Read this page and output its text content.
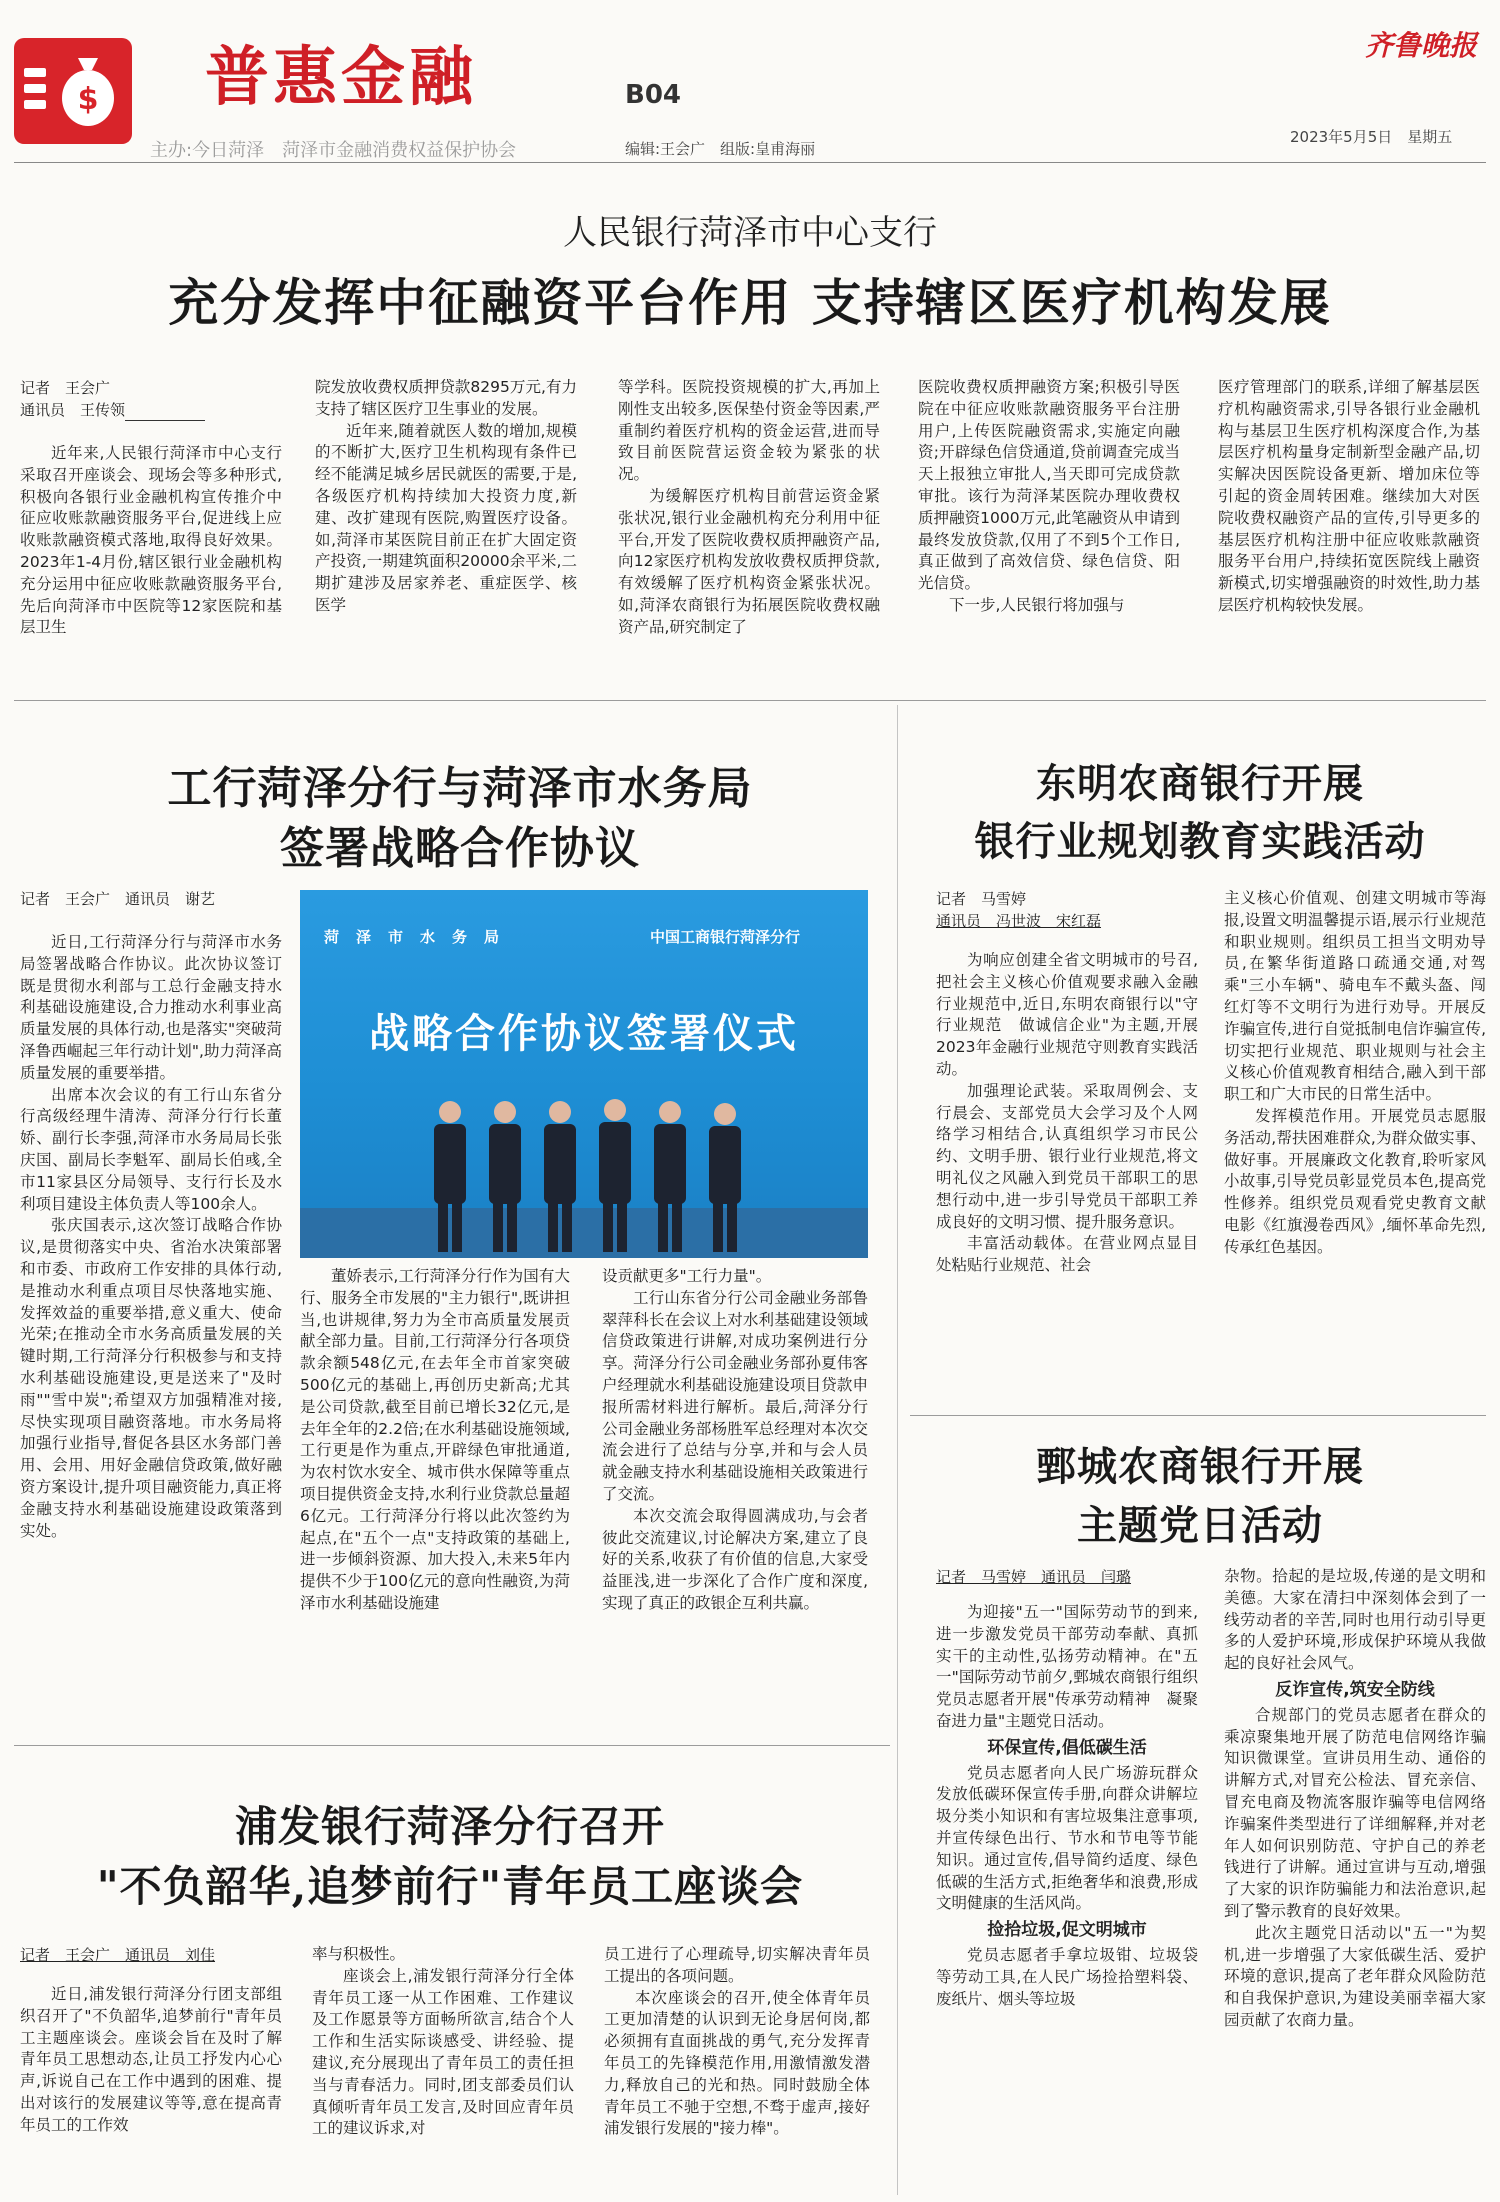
$ 普惠金融	B04
齐鲁晚报
主办:今日菏泽　菏泽市金融消费权益保护协会	编辑:王会广　组版:皇甫海丽
2023年5月5日　星期五
人民银行菏泽市中心支行
充分发挥中征融资平台作用 支持辖区医疗机构发展
记者　王会广
通讯员　王传领

近年来,人民银行菏泽市中心支行采取召开座谈会、现场会等多种形式,积极向各银行业金融机构宣传推介中征应收账款融资服务平台,促进线上应收账款融资模式落地,取得良好效果。2023年1-4月份,辖区银行业金融机构充分运用中征应收账款融资服务平台,先后向菏泽市中医院等12家医院和基层卫生

院发放收费权质押贷款8295万元,有力支持了辖区医疗卫生事业的发展。

近年来,随着就医人数的增加,规模的不断扩大,医疗卫生机构现有条件已经不能满足城乡居民就医的需要,于是,各级医疗机构持续加大投资力度,新建、改扩建现有医院,购置医疗设备。如,菏泽市某医院目前正在扩大固定资产投资,一期建筑面积20000余平米,二期扩建涉及居家养老、重症医学、核医学

等学科。医院投资规模的扩大,再加上刚性支出较多,医保垫付资金等因素,严重制约着医疗机构的资金运营,进而导致目前医院营运资金较为紧张的状况。

为缓解医疗机构目前营运资金紧张状况,银行业金融机构充分利用中征平台,开发了医院收费权质押融资产品,向12家医疗机构发放收费权质押贷款,有效缓解了医疗机构资金紧张状况。如,菏泽农商银行为拓展医院收费权融资产品,研究制定了

医院收费权质押融资方案;积极引导医院在中征应收账款融资服务平台注册用户,上传医院融资需求,实施定向融资;开辟绿色信贷通道,贷前调查完成当天上报独立审批人,当天即可完成贷款审批。该行为菏泽某医院办理收费权质押融资1000万元,此笔融资从申请到最终发放贷款,仅用了不到5个工作日,真正做到了高效信贷、绿色信贷、阳光信贷。

下一步,人民银行将加强与

医疗管理部门的联系,详细了解基层医疗机构融资需求,引导各银行业金融机构与基层卫生医疗机构深度合作,为基层医疗机构量身定制新型金融产品,切实解决因医院设备更新、增加床位等引起的资金周转困难。继续加大对医院收费权融资产品的宣传,引导更多的基层医疗机构注册中征应收账款融资服务平台用户,持续拓宽医院线上融资新模式,切实增强融资的时效性,助力基层医疗机构较快发展。

工行菏泽分行与菏泽市水务局
签署战略合作协议
记者　王会广　通讯员　谢艺
菏　泽　市　水　务　局	中国工商银行菏泽分行
战略合作协议签署仪式

近日,工行菏泽分行与菏泽市水务局签署战略合作协议。此次协议签订既是贯彻水利部与工总行金融支持水利基础设施建设,合力推动水利事业高质量发展的具体行动,也是落实"突破菏泽鲁西崛起三年行动计划",助力菏泽高质量发展的重要举措。

出席本次会议的有工行山东省分行高级经理牛清涛、菏泽分行行长董娇、副行长李强,菏泽市水务局局长张庆国、副局长李魁军、副局长伯彧,全市11家县区分局领导、支行行长及水利项目建设主体负责人等100余人。

张庆国表示,这次签订战略合作协议,是贯彻落实中央、省治水决策部署和市委、市政府工作安排的具体行动,是推动水利重点项目尽快落地实施、发挥效益的重要举措,意义重大、使命光荣;在推动全市水务高质量发展的关键时期,工行菏泽分行积极参与和支持水利基础设施建设,更是送来了"及时雨""雪中炭";希望双方加强精准对接,尽快实现项目融资落地。市水务局将加强行业指导,督促各县区水务部门善用、会用、用好金融信贷政策,做好融资方案设计,提升项目融资能力,真正将金融支持水利基础设施建设政策落到实处。

董娇表示,工行菏泽分行作为国有大行、服务全市发展的"主力银行",既讲担当,也讲规律,努力为全市高质量发展贡献全部力量。目前,工行菏泽分行各项贷款余额548亿元,在去年全市首家突破500亿元的基础上,再创历史新高;尤其是公司贷款,截至目前已增长32亿元,是去年全年的2.2倍;在水利基础设施领域,工行更是作为重点,开辟绿色审批通道,为农村饮水安全、城市供水保障等重点项目提供资金支持,水利行业贷款总量超6亿元。工行菏泽分行将以此次签约为起点,在"五个一点"支持政策的基础上,进一步倾斜资源、加大投入,未来5年内提供不少于100亿元的意向性融资,为菏泽市水利基础设施建

设贡献更多"工行力量"。

工行山东省分行公司金融业务部鲁翠萍科长在会议上对水利基础建设领域信贷政策进行讲解,对成功案例进行分享。菏泽分行公司金融业务部孙夏伟客户经理就水利基础设施建设项目贷款申报所需材料进行解析。最后,菏泽分行公司金融业务部杨胜军总经理对本次交流会进行了总结与分享,并和与会人员就金融支持水利基础设施相关政策进行了交流。

本次交流会取得圆满成功,与会者彼此交流建议,讨论解决方案,建立了良好的关系,收获了有价值的信息,大家受益匪浅,进一步深化了合作广度和深度,实现了真正的政银企互利共赢。

东明农商银行开展
银行业规划教育实践活动
记者　马雪婷
通讯员　冯世波　宋红磊

为响应创建全省文明城市的号召,把社会主义核心价值观要求融入金融行业规范中,近日,东明农商银行以"守行业规范　做诚信企业"为主题,开展2023年金融行业规范守则教育实践活动。

加强理论武装。采取周例会、支行晨会、支部党员大会学习及个人网络学习相结合,认真组织学习市民公约、文明手册、银行业行业规范,将文明礼仪之风融入到党员干部职工的思想行动中,进一步引导党员干部职工养成良好的文明习惯、提升服务意识。

丰富活动载体。在营业网点显目处粘贴行业规范、社会

主义核心价值观、创建文明城市等海报,设置文明温馨提示语,展示行业规范和职业规则。组织员工担当文明劝导员,在繁华街道路口疏通交通,对驾乘"三小车辆"、骑电车不戴头盔、闯红灯等不文明行为进行劝导。开展反诈骗宣传,进行自觉抵制电信诈骗宣传,切实把行业规范、职业规则与社会主义核心价值观教育相结合,融入到干部职工和广大市民的日常生活中。

发挥模范作用。开展党员志愿服务活动,帮扶困难群众,为群众做实事、做好事。开展廉政文化教育,聆听家风小故事,引导党员彰显党员本色,提高党性修养。组织党员观看党史教育文献电影《红旗漫卷西风》,缅怀革命先烈,传承红色基因。

鄄城农商银行开展
主题党日活动
记者　马雪婷　通讯员　闫璐

为迎接"五一"国际劳动节的到来,进一步激发党员干部劳动奉献、真抓实干的主动性,弘扬劳动精神。在"五一"国际劳动节前夕,鄄城农商银行组织党员志愿者开展"传承劳动精神　凝聚奋进力量"主题党日活动。

环保宣传,倡低碳生活

党员志愿者向人民广场游玩群众发放低碳环保宣传手册,向群众讲解垃圾分类小知识和有害垃圾集注意事项,并宣传绿色出行、节水和节电等节能知识。通过宣传,倡导简约适度、绿色低碳的生活方式,拒绝奢华和浪费,形成文明健康的生活风尚。

捡拾垃圾,促文明城市

党员志愿者手拿垃圾钳、垃圾袋等劳动工具,在人民广场捡拾塑料袋、废纸片、烟头等垃圾

杂物。拾起的是垃圾,传递的是文明和美德。大家在清扫中深刻体会到了一线劳动者的辛苦,同时也用行动引导更多的人爱护环境,形成保护环境从我做起的良好社会风气。

反诈宣传,筑安全防线

合规部门的党员志愿者在群众的乘凉聚集地开展了防范电信网络诈骗知识微课堂。宣讲员用生动、通俗的讲解方式,对冒充公检法、冒充亲信、冒充电商及物流客服诈骗等电信网络诈骗案件类型进行了详细解释,并对老年人如何识别防范、守护自己的养老钱进行了讲解。通过宣讲与互动,增强了大家的识诈防骗能力和法治意识,起到了警示教育的良好效果。

此次主题党日活动以"五一"为契机,进一步增强了大家低碳生活、爱护环境的意识,提高了老年群众风险防范和自我保护意识,为建设美丽幸福大家园贡献了农商力量。

浦发银行菏泽分行召开
"不负韶华,追梦前行"青年员工座谈会
记者　王会广　通讯员　刘佳

近日,浦发银行菏泽分行团支部组织召开了"不负韶华,追梦前行"青年员工主题座谈会。座谈会旨在及时了解青年员工思想动态,让员工抒发内心心声,诉说自己在工作中遇到的困难、提出对该行的发展建议等等,意在提高青年员工的工作效

率与积极性。

座谈会上,浦发银行菏泽分行全体青年员工逐一从工作困难、工作建议及工作愿景等方面畅所欲言,结合个人工作和生活实际谈感受、讲经验、提建议,充分展现出了青年员工的责任担当与青春活力。同时,团支部委员们认真倾听青年员工发言,及时回应青年员工的建议诉求,对

员工进行了心理疏导,切实解决青年员工提出的各项问题。

本次座谈会的召开,使全体青年员工更加清楚的认识到无论身居何岗,都必须拥有直面挑战的勇气,充分发挥青年员工的先锋模范作用,用激情激发潜力,释放自己的光和热。同时鼓励全体青年员工不驰于空想,不骛于虚声,接好浦发银行发展的"接力棒"。
